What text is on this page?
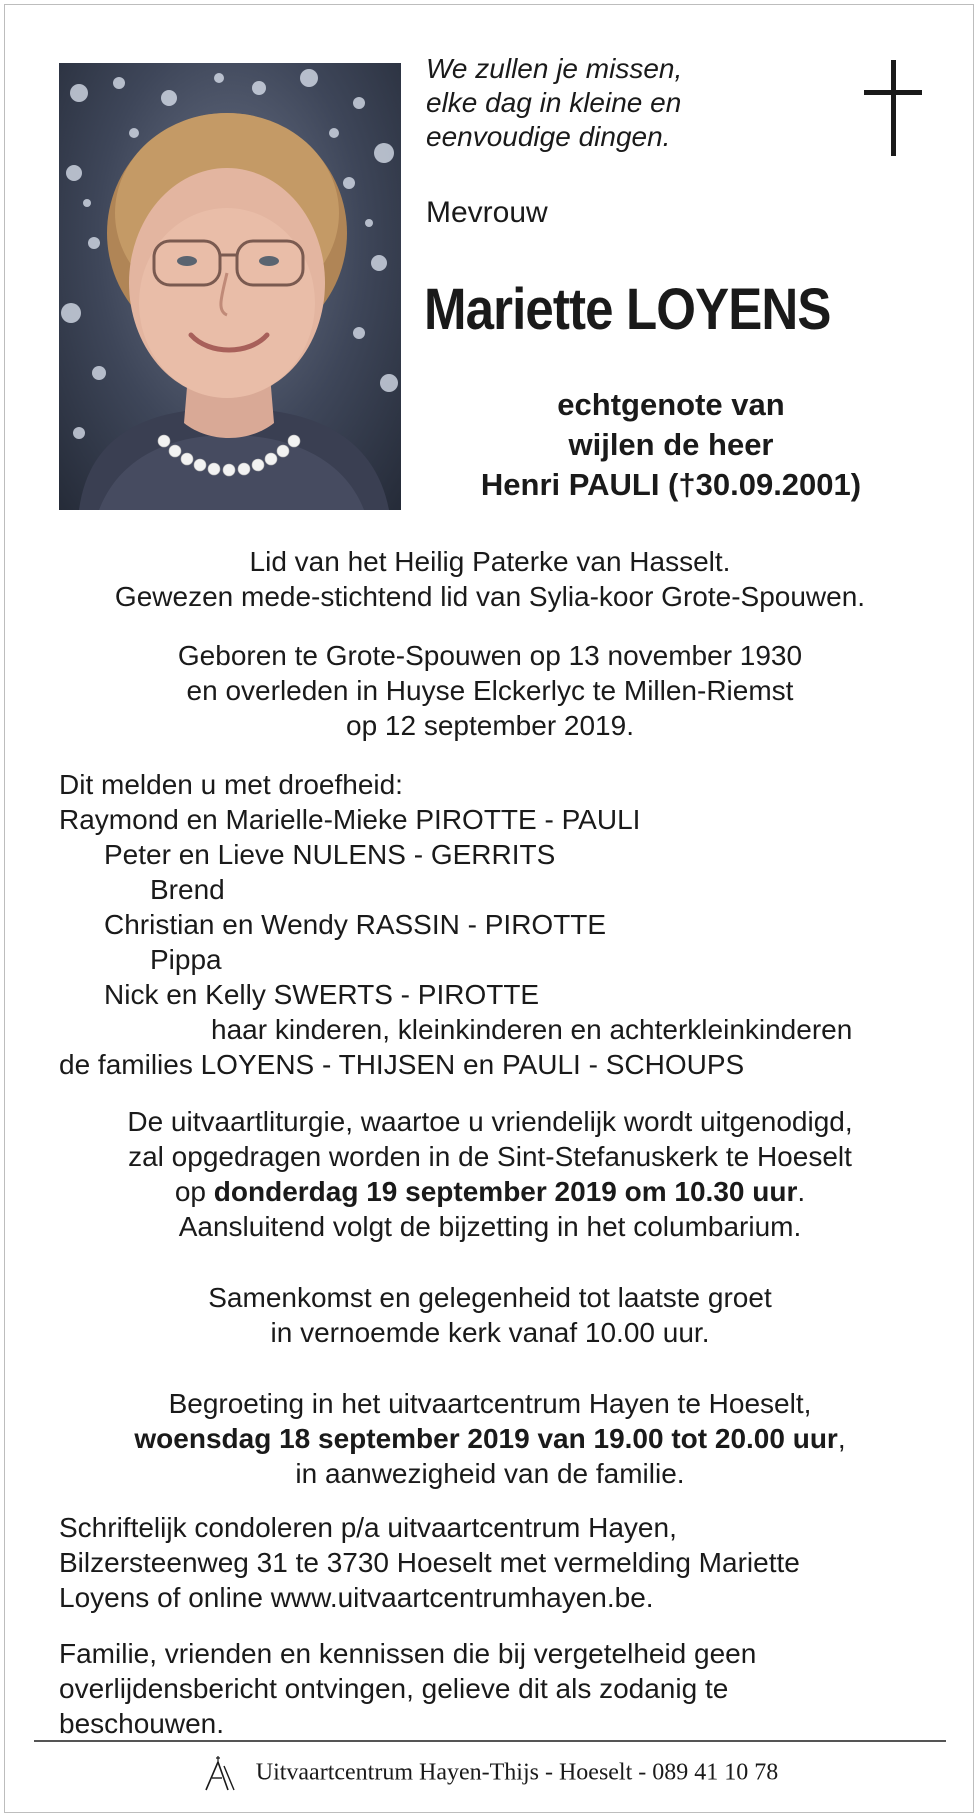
We zullen je missen,
elke dag in kleine en
eenvoudige dingen.
Mevrouw
Mariette LOYENS
echtgenote van
wijlen de heer
Henri PAULI (†30.09.2001)
Lid van het Heilig Paterke van Hasselt.
Gewezen mede-stichtend lid van Sylia-koor Grote-Spouwen.
Geboren te Grote-Spouwen op 13 november 1930
en overleden in Huyse Elckerlyc te Millen-Riemst
op 12 september 2019.
Dit melden u met droefheid:
Raymond en Marielle-Mieke PIROTTE - PAULI
Peter en Lieve NULENS - GERRITS
Brend
Christian en Wendy RASSIN - PIROTTE
Pippa
Nick en Kelly SWERTS - PIROTTE
haar kinderen, kleinkinderen en achterkleinkinderen
de families LOYENS - THIJSEN en PAULI - SCHOUPS
De uitvaartliturgie, waartoe u vriendelijk wordt uitgenodigd,
zal opgedragen worden in de Sint-Stefanuskerk te Hoeselt
op donderdag 19 september 2019 om 10.30 uur.
Aansluitend volgt de bijzetting in het columbarium.
Samenkomst en gelegenheid tot laatste groet
in vernoemde kerk vanaf 10.00 uur.
Begroeting in het uitvaartcentrum Hayen te Hoeselt,
woensdag 18 september 2019 van 19.00 tot 20.00 uur,
in aanwezigheid van de familie.
Schriftelijk condoleren p/a uitvaartcentrum Hayen,
Bilzersteenweg 31 te 3730 Hoeselt met vermelding Mariette
Loyens of online www.uitvaartcentrumhayen.be.
Familie, vrienden en kennissen die bij vergetelheid geen
overlijdensbericht ontvingen, gelieve dit als zodanig te
beschouwen.
Uitvaartcentrum Hayen-Thijs - Hoeselt - 089 41 10 78
